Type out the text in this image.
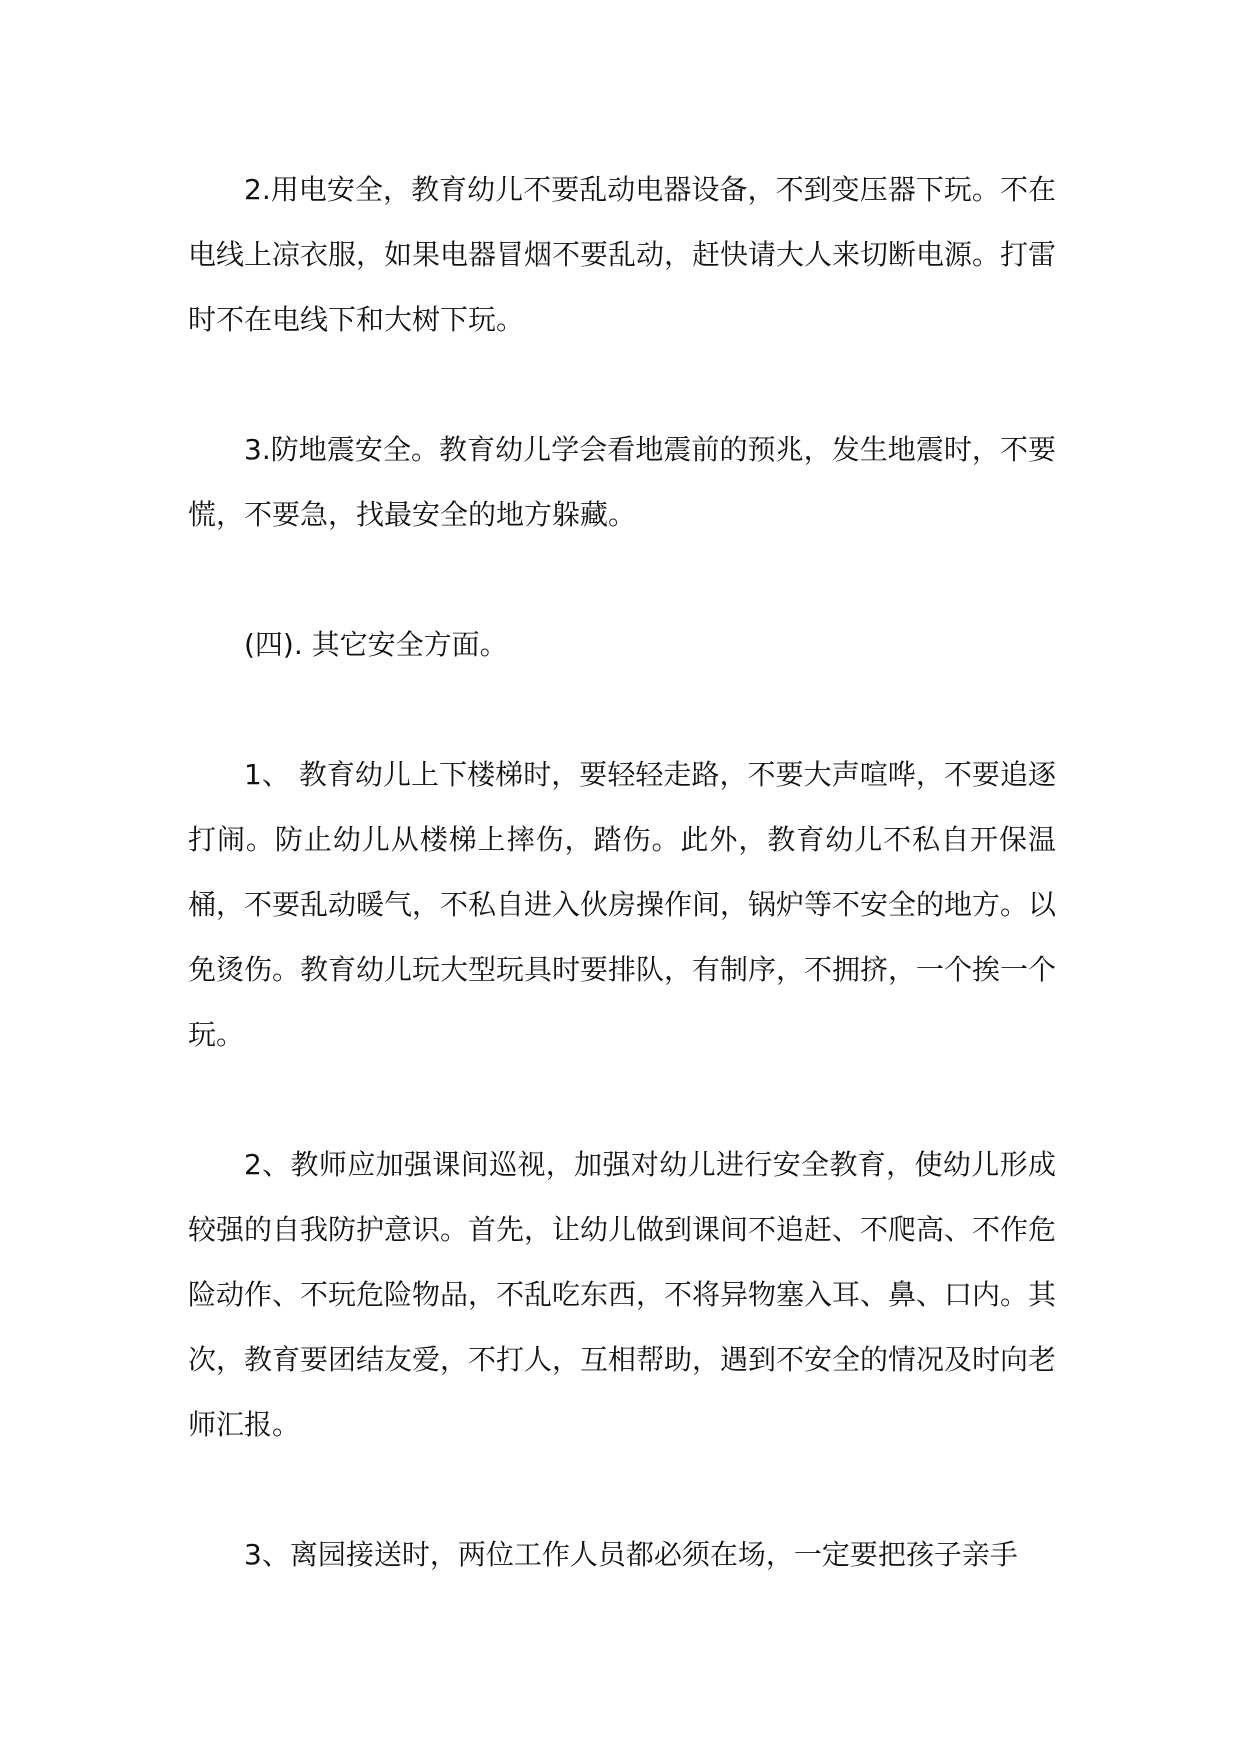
2.用电安全，教育幼儿不要乱动电器设备，不到变压器下玩。不在电线上凉衣服，如果电器冒烟不要乱动，赶快请大人来切断电源。打雷时不在电线下和大树下玩。

3.防地震安全。教育幼儿学会看地震前的预兆，发生地震时，不要慌，不要急，找最安全的地方躲藏。

(四). 其它安全方面。

1、 教育幼儿上下楼梯时，要轻轻走路，不要大声喧哗，不要追逐打闹。防止幼儿从楼梯上摔伤，踏伤。此外，教育幼儿不私自开保温桶，不要乱动暖气，不私自进入伙房操作间，锅炉等不安全的地方。以免烫伤。教育幼儿玩大型玩具时要排队，有制序，不拥挤，一个挨一个玩。

2、教师应加强课间巡视，加强对幼儿进行安全教育，使幼儿形成较强的自我防护意识。首先，让幼儿做到课间不追赶、不爬高、不作危险动作、不玩危险物品，不乱吃东西，不将异物塞入耳、鼻、口内。其次，教育要团结友爱，不打人，互相帮助，遇到不安全的情况及时向老师汇报。

3、离园接送时，两位工作人员都必须在场，一定要把孩子亲手
